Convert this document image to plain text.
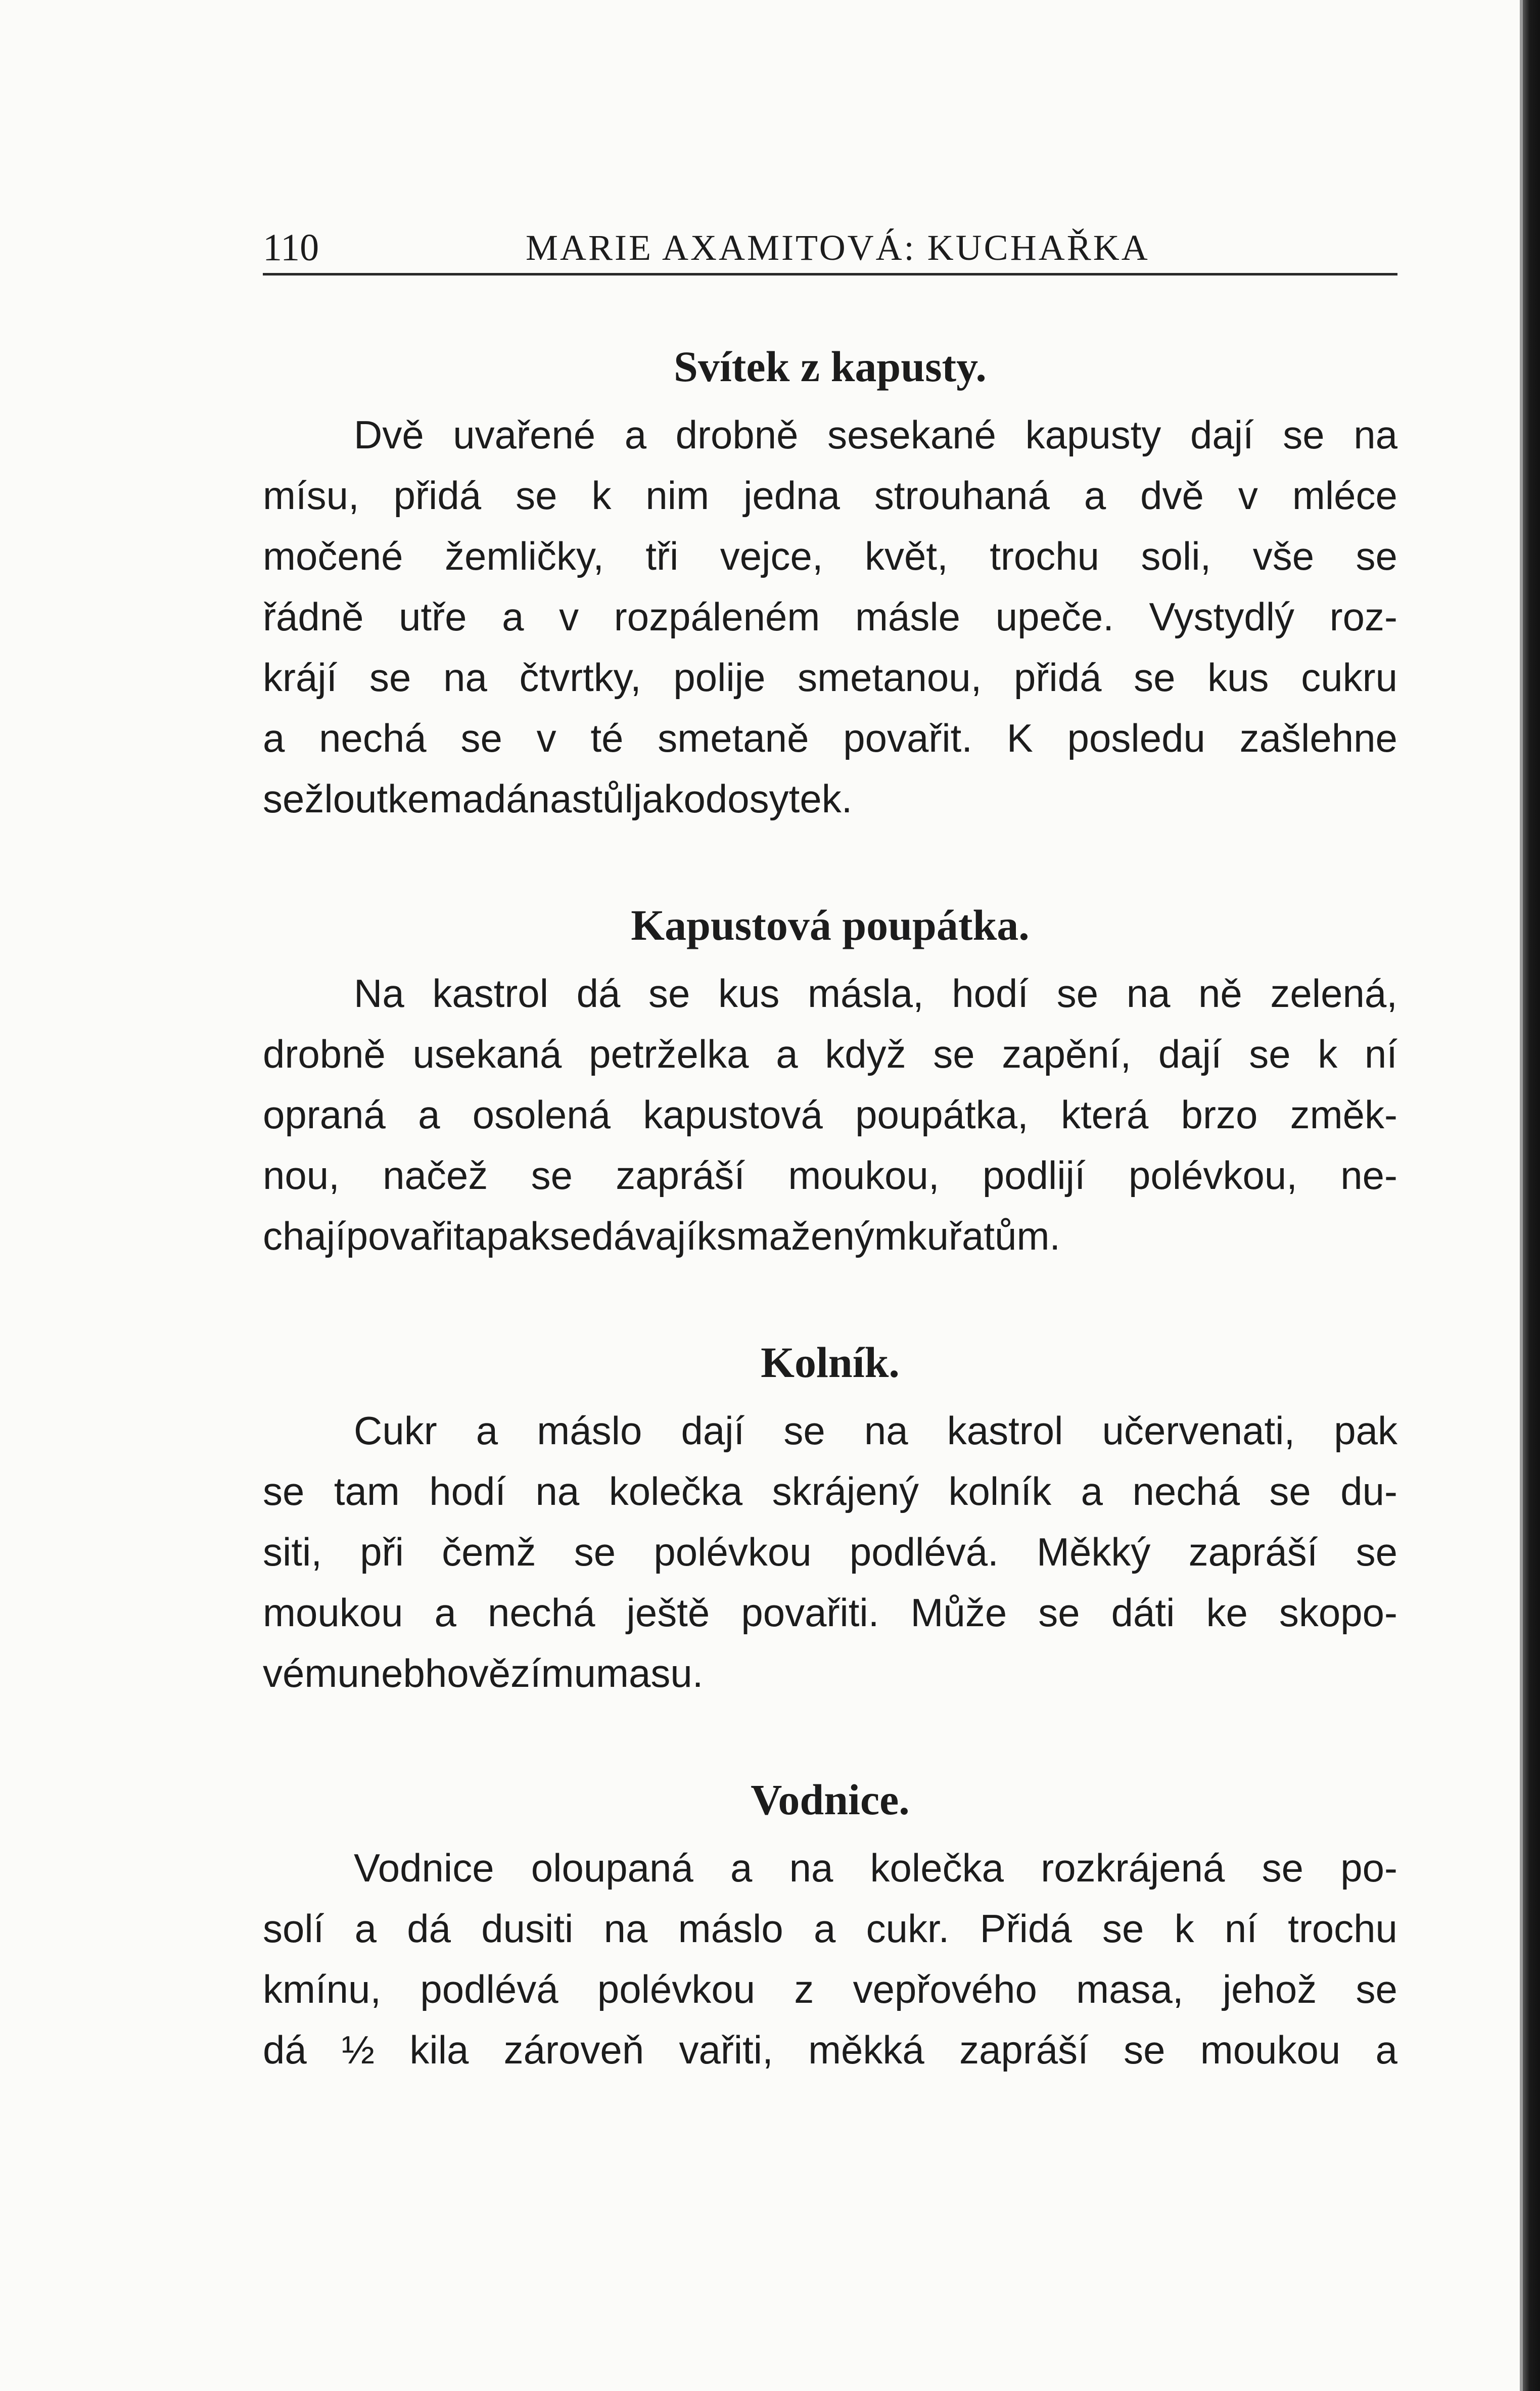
110	MARIE AXAMITOVÁ: KUCHAŘKA
Svítek z kapusty.
Dvě uvařené a drobně sesekané kapusty dají se na
mísu, přidá se k nim jedna strouhaná a dvě v mléce
močené žemličky, tři vejce, květ, trochu soli, vše se
řádně utře a v rozpáleném másle upeče. Vystydlý roz-
krájí se na čtvrtky, polije smetanou, přidá se kus cukru
a nechá se v té smetaně povařit. K posledu zašlehne
se žloutkem a dá na stůl jako dosytek.
Kapustová poupátka.
Na kastrol dá se kus másla, hodí se na ně zelená,
drobně usekaná petrželka a když se zapění, dají se k ní
opraná a osolená kapustová poupátka, která brzo změk-
nou, načež se zapráší moukou, podlijí polévkou, ne-
chají povařit a pak se dávají k smaženým kuřatům.
Kolník.
Cukr a máslo dají se na kastrol učervenati, pak
se tam hodí na kolečka skrájený kolník a nechá se du-
siti, při čemž se polévkou podlévá. Měkký zapráší se
moukou a nechá ještě povařiti. Může se dáti ke skopo-
vému neb hovězímu masu.
Vodnice.
Vodnice oloupaná a na kolečka rozkrájená se po-
solí a dá dusiti na máslo a cukr. Přidá se k ní trochu
kmínu, podlévá polévkou z vepřového masa, jehož se
dá ½ kila zároveň vařiti, měkká zapráší se moukou a
